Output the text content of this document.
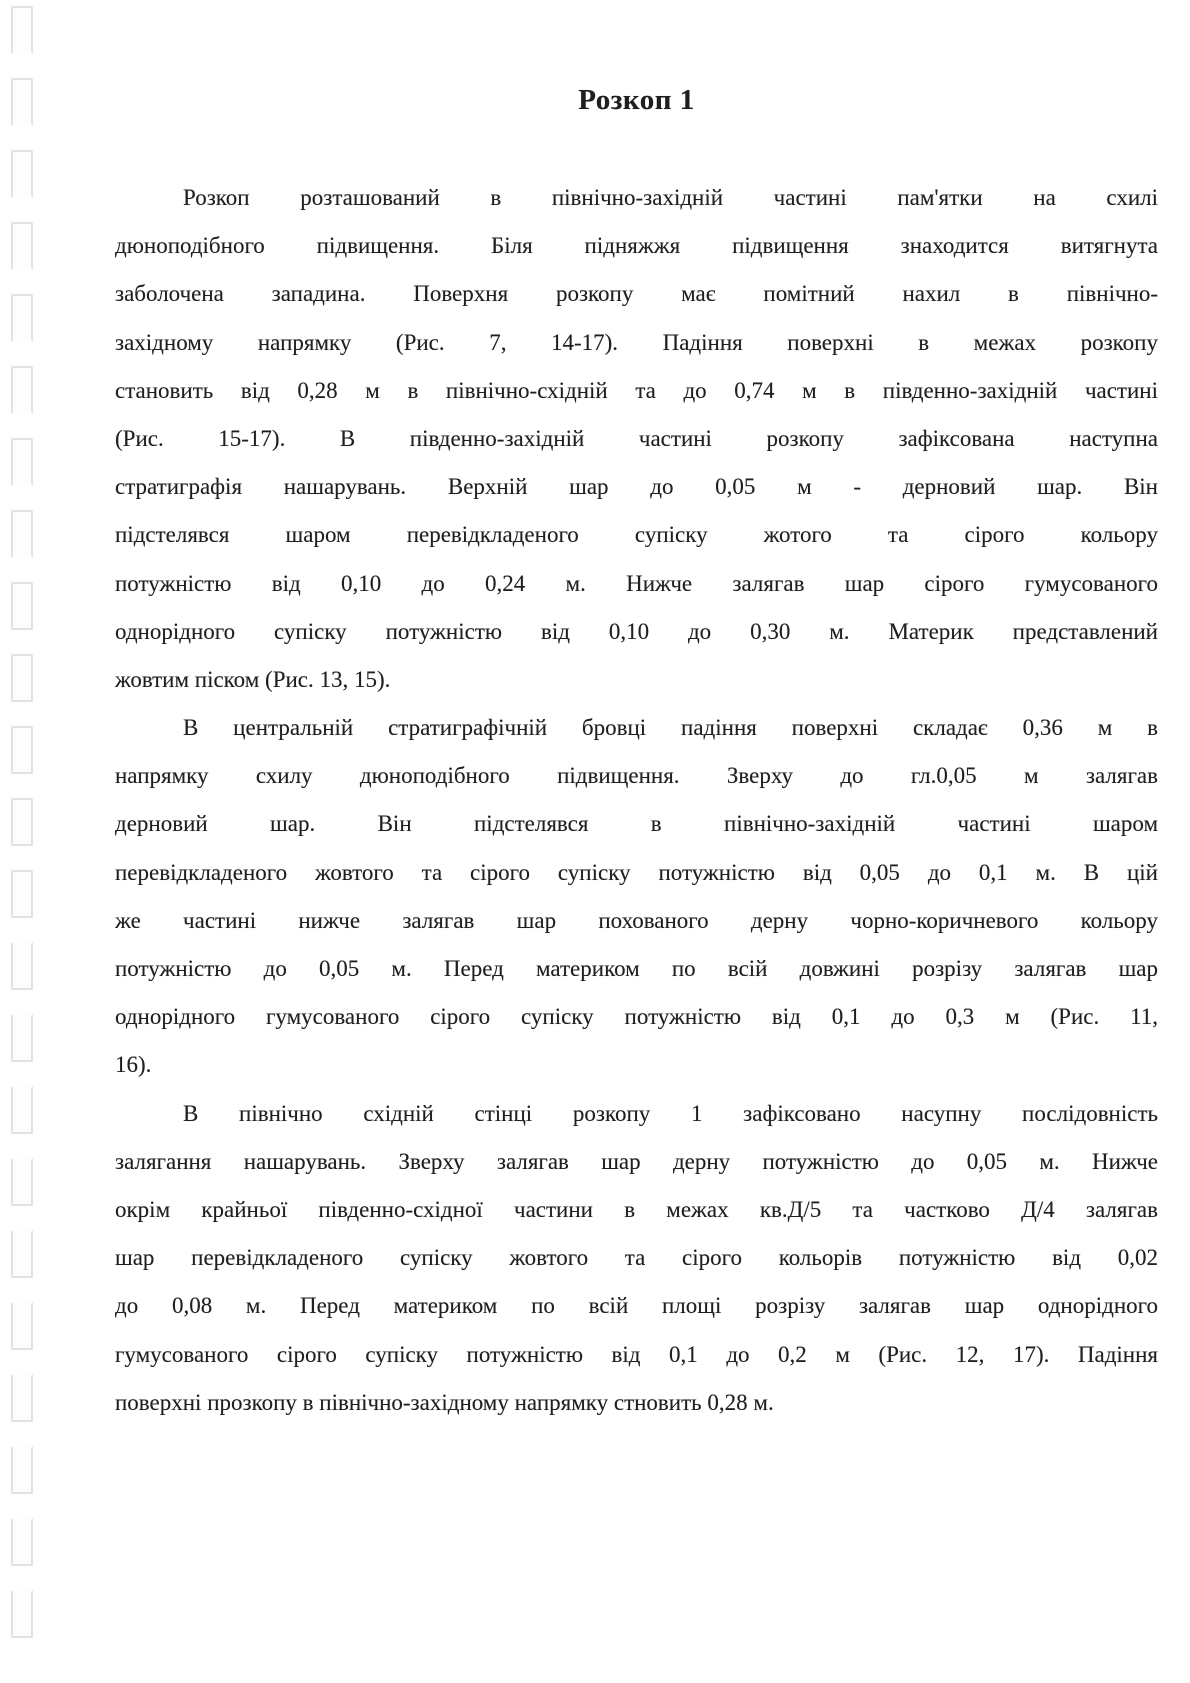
Розкоп 1
Розкоп розташований в північно-західній частині пам'ятки на схилі
дюноподібного підвищення. Біля підняжжя підвищення знаходится витягнута
заболочена западина. Поверхня розкопу має помітний нахил в північно-
західному напрямку (Рис. 7, 14-17). Падіння поверхні в межах розкопу
становить від 0,28 м в північно-східній та до 0,74 м в південно-західній частині
(Рис. 15-17). В південно-західній частині розкопу зафіксована наступна
стратиграфія нашарувань. Верхній шар до 0,05 м - дерновий шар. Він
підстелявся шаром перевідкладеного супіску жотого та сірого кольору
потужністю від 0,10 до 0,24 м. Нижче залягав шар сірого гумусованого
однорідного супіску потужністю від 0,10 до 0,30 м. Материк представлений
жовтим піском (Рис. 13, 15).
В центральній стратиграфічній бровці падіння поверхні складає 0,36 м в
напрямку схилу дюноподібного підвищення. Зверху до гл.0,05 м залягав
дерновий шар. Він підстелявся в північно-західній частині шаром
перевідкладеного жовтого та сірого супіску потужністю від 0,05 до 0,1 м. В цій
же частині нижче залягав шар похованого дерну чорно-коричневого кольору
потужністю до 0,05 м. Перед материком по всій довжині розрізу залягав шар
однорідного гумусованого сірого супіску потужністю від 0,1 до 0,3 м (Рис. 11,
16).
В північно східній стінці розкопу 1 зафіксовано насупну послідовність
залягання нашарувань. Зверху залягав шар дерну потужністю до 0,05 м. Нижче
окрім крайньої південно-східної частини в межах кв.Д/5 та частково Д/4 залягав
шар перевідкладеного супіску жовтого та сірого кольорів потужністю від 0,02
до 0,08 м. Перед материком по всій площі розрізу залягав шар однорідного
гумусованого сірого супіску потужністю від 0,1 до 0,2 м (Рис. 12, 17). Падіння
поверхні прозкопу в північно-західному напрямку стновить 0,28 м.
